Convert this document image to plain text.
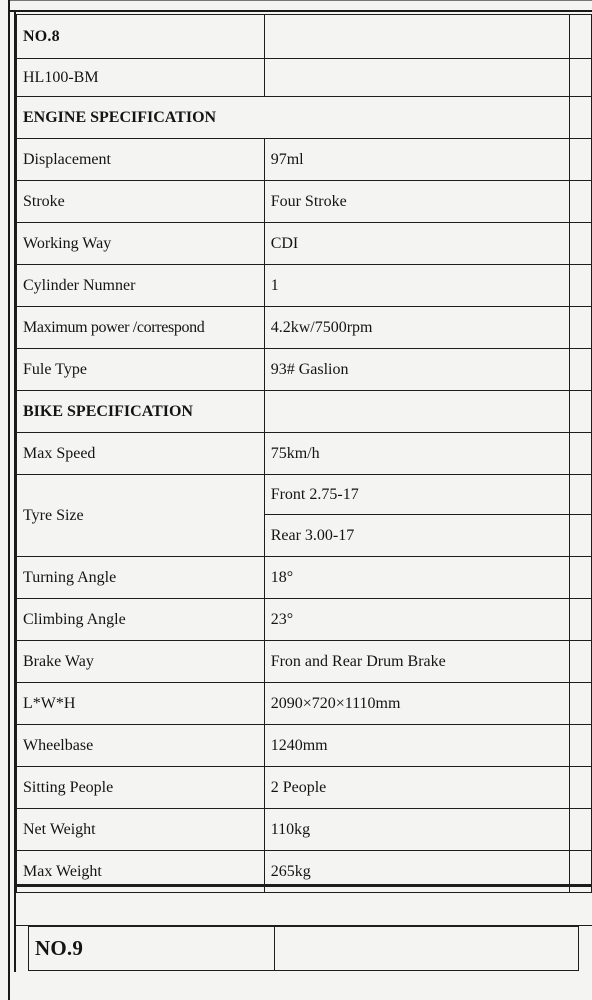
NO.8		
HL100-BM		
ENGINE SPECIFICATION		
Displacement	97ml	
Stroke	Four Stroke	
Working Way	CDI	
Cylinder Numner	1	
Maximum power /correspond	4.2kw/7500rpm	
Fule Type	93# Gaslion	
BIKE SPECIFICATION		
Max Speed	75km/h	
Tyre Size	Front 2.75-17	
	Rear 3.00-17	
Turning Angle	18°	
Climbing Angle	23°	
Brake Way	Fron and Rear Drum Brake	
L*W*H	2090×720×1110mm	
Wheelbase	1240mm	
Sitting People	2 People	
Net Weight	110kg	
Max Weight	265kg	
NO.9	
